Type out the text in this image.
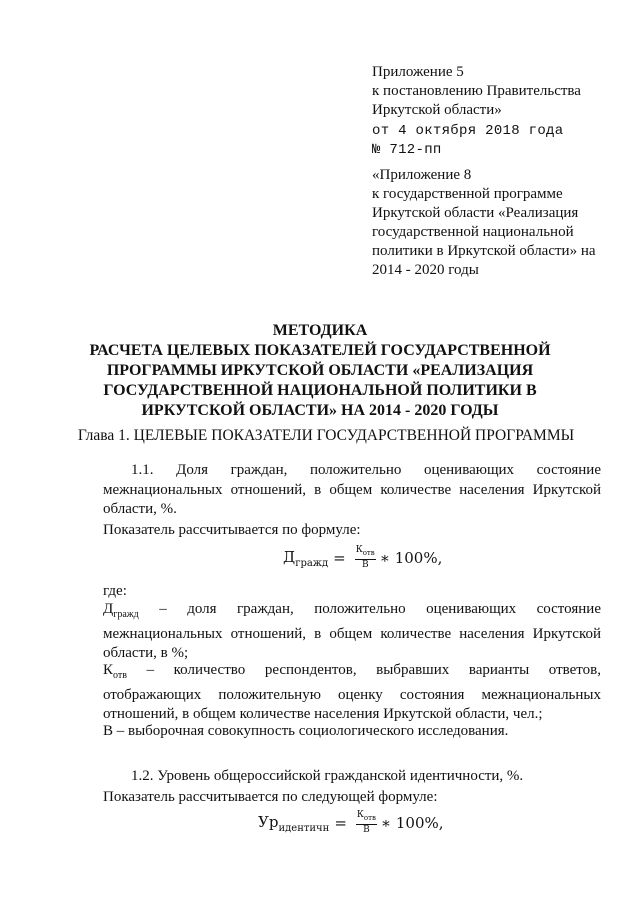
Приложение 5
к постановлению Правительства
Иркутской области»
от 4 октября 2018 года
№ 712-пп
«Приложение 8
к государственной программе
Иркутской области «Реализация
государственной национальной
политики в Иркутской области» на
2014 - 2020 годы
МЕТОДИКА
РАСЧЕТА ЦЕЛЕВЫХ ПОКАЗАТЕЛЕЙ ГОСУДАРСТВЕННОЙ
ПРОГРАММЫ ИРКУТСКОЙ ОБЛАСТИ «РЕАЛИЗАЦИЯ
ГОСУДАРСТВЕННОЙ НАЦИОНАЛЬНОЙ ПОЛИТИКИ В
ИРКУТСКОЙ ОБЛАСТИ» НА 2014 - 2020 ГОДЫ
Глава 1. ЦЕЛЕВЫЕ ПОКАЗАТЕЛИ ГОСУДАРСТВЕННОЙ ПРОГРАММЫ
1.1. Доля граждан, положительно оценивающих состояние межнациональных отношений, в общем количестве населения Иркутской области, %.
Показатель рассчитывается по формуле:
$Д_{гражд} = \frac{К_{отв}}{В}$ ∗ 100%,
где:
$Д_{гражд}$ – доля граждан, положительно оценивающих состояние межнациональных отношений, в общем количестве населения Иркутской области, в %;
$К_{отв}$ – количество респондентов, выбравших варианты ответов, отображающих положительную оценку состояния межнациональных отношений, в общем количестве населения Иркутской области, чел.;
В – выборочная совокупность социологического исследования.
1.2. Уровень общероссийской гражданской идентичности, %.
Показатель рассчитывается по следующей формуле:
$Ур_{идентичн} = \frac{К_{отв}}{В}$ ∗ 100%,
